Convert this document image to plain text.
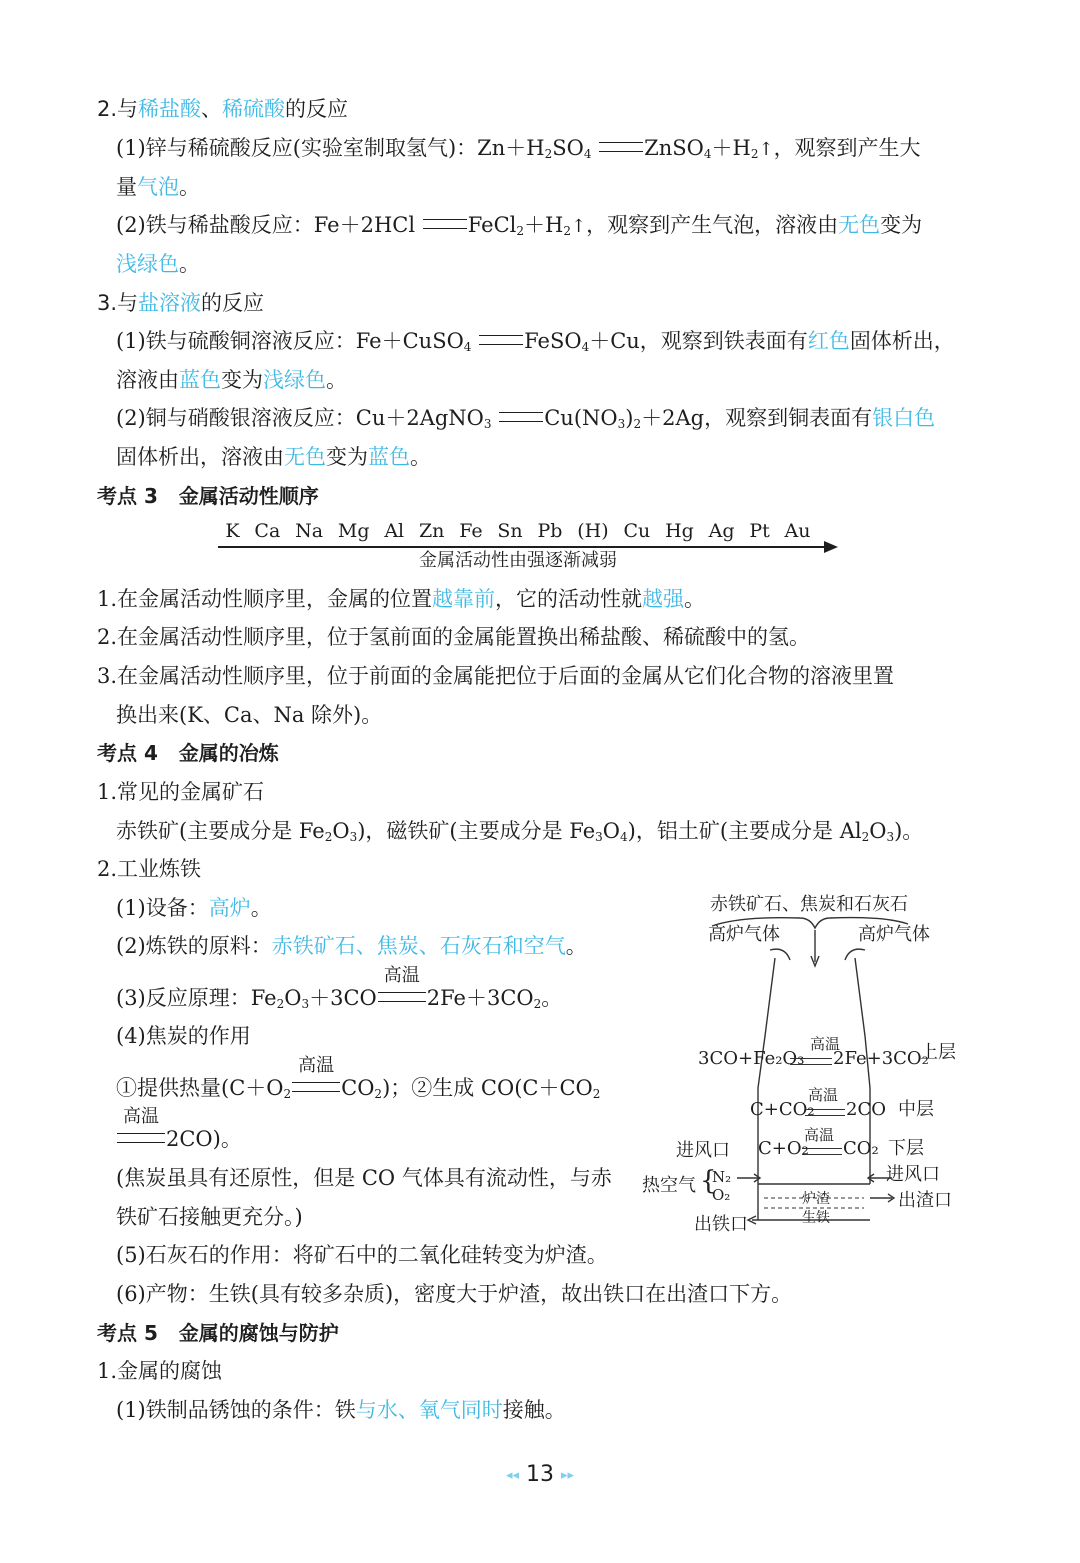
2.与稀盐酸、稀硫酸的反应
(1)锌与稀硫酸反应(实验室制取氢气)：$Zn+H_2SO_4$	$ZnSO_4+H_2↑$，观察到产生大
量气泡。
(2)铁与稀盐酸反应：Fe＋2HCl	$FeCl_2+H_2↑$，观察到产生气泡，溶液由无色变为
浅绿色。
3.与盐溶液的反应
(1)铁与硫酸铜溶液反应：Fe＋CuSO$_4$	FeSO$_4$＋Cu，观察到铁表面有红色固体析出，
溶液由蓝色变为浅绿色。
(2)铜与硝酸银溶液反应：Cu＋2AgNO$_3$	$Cu(NO_3)_2+2Ag$，观察到铜表面有银白色
固体析出，溶液由无色变为蓝色。
考点 3 金属活动性顺序
K Ca Na Mg Al Zn Fe Sn Pb (H) Cu Hg Ag Pt Au
金属活动性由强逐渐减弱
1.在金属活动性顺序里，金属的位置越靠前，它的活动性就越强。
2.在金属活动性顺序里，位于氢前面的金属能置换出稀盐酸、稀硫酸中的氢。
3.在金属活动性顺序里，位于前面的金属能把位于后面的金属从它们化合物的溶液里置
换出来(K、Ca、Na 除外)。
考点 4 金属的冶炼
1.常见的金属矿石
赤铁矿(主要成分是 $Fe_2O_3$)，磁铁矿(主要成分是 $Fe_3O_4$)，铝土矿(主要成分是 $Al_2O_3$)。
2.工业炼铁
(1)设备：高炉。
(2)炼铁的原料：赤铁矿石、焦炭、石灰石和空气。
(3)反应原理：$Fe_2O_3+3CO$
高温
$2Fe+3CO_2$。
(4)焦炭的作用
①提供热量($C+O_2$
高温
$CO_2$)；②生成 $CO(C+CO_2$
高温
2CO)。
(焦炭虽具有还原性，但是 CO 气体具有流动性，与赤
铁矿石接触更充分。)
(5)石灰石的作用：将矿石中的二氧化硅转变为炉渣。
(6)产物：生铁(具有较多杂质)，密度大于炉渣，故出铁口在出渣口下方。
赤铁矿石、焦炭和石灰石
高炉气体	高炉气体
高温
3CO+Fe₂O₃ 2Fe+3CO₂
上层
高温
C+CO₂ 2CO 中层
高温
C+O₂ CO₂ 下层
进风口
进风口
热空气 {
N₂
O₂	炉渣
生铁
出渣口
出铁口
考点 5 金属的腐蚀与防护
1.金属的腐蚀
(1)铁制品锈蚀的条件：铁与水、氧气同时接触。
◂◂ 13 ▸▸
